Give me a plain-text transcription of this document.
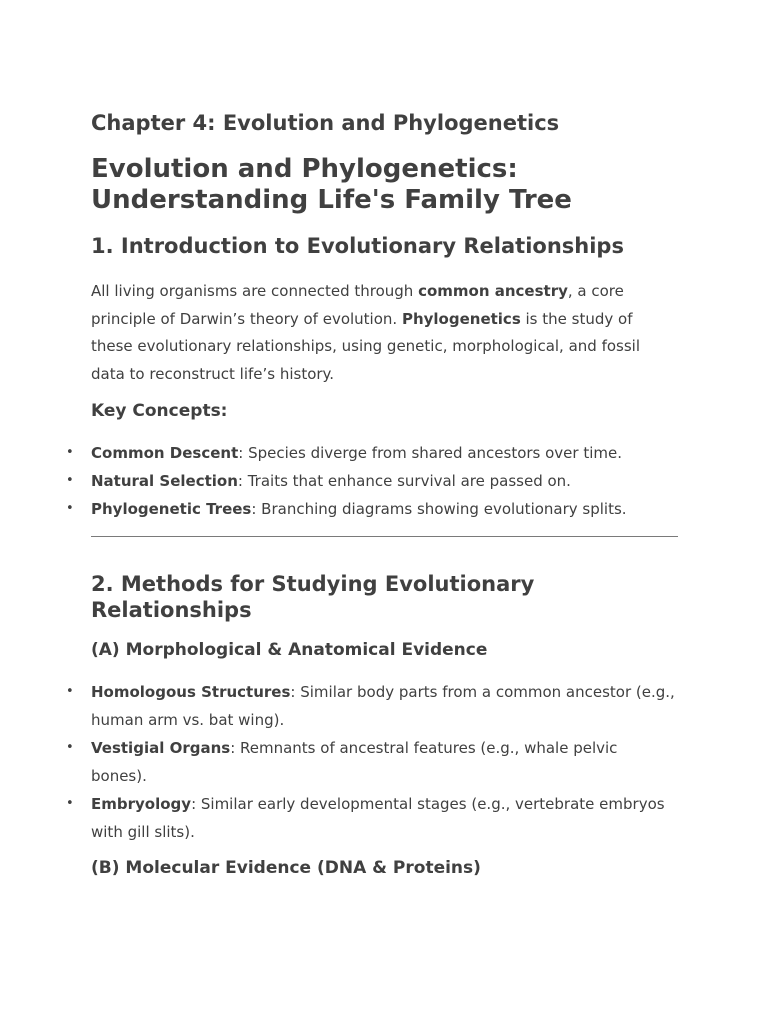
Chapter 4: Evolution and Phylogenetics
Evolution and Phylogenetics: Understanding Life's Family Tree
1. Introduction to Evolutionary Relationships

All living organisms are connected through common ancestry, a core principle of Darwin’s theory of evolution. Phylogenetics is the study of these evolutionary relationships, using genetic, morphological, and fossil data to reconstruct life’s history.

Key Concepts:
• Common Descent: Species diverge from shared ancestors over time.
• Natural Selection: Traits that enhance survival are passed on.
• Phylogenetic Trees: Branching diagrams showing evolutionary splits.
2. Methods for Studying Evolutionary Relationships
(A) Morphological & Anatomical Evidence
• Homologous Structures: Similar body parts from a common ancestor (e.g., human arm vs. bat wing).
• Vestigial Organs: Remnants of ancestral features (e.g., whale pelvic bones).
• Embryology: Similar early developmental stages (e.g., vertebrate embryos with gill slits).
(B) Molecular Evidence (DNA & Proteins)
